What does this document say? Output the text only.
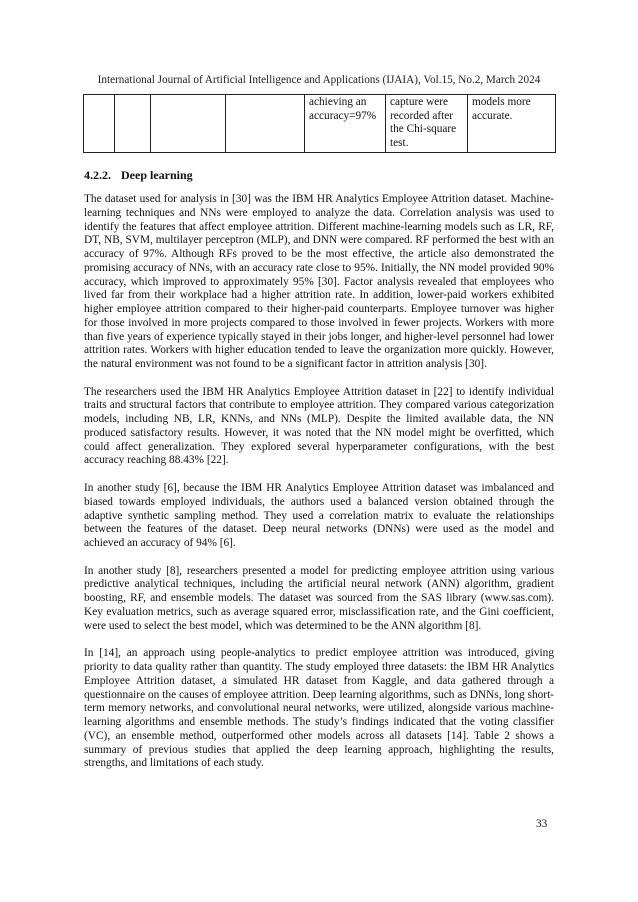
International Journal of Artificial Intelligence and Applications (IJAIA), Vol.15, No.2, March 2024
				achieving an accuracy=97%	capture were recorded after the Chi-square test.	models more accurate.
4.2.2. Deep learning

The dataset used for analysis in [30] was the IBM HR Analytics Employee Attrition dataset. Machine-learning techniques and NNs were employed to analyze the data. Correlation analysis was used to identify the features that affect employee attrition. Different machine-learning models such as LR, RF, DT, NB, SVM, multilayer perceptron (MLP), and DNN were compared. RF performed the best with an accuracy of 97%. Although RFs proved to be the most effective, the article also demonstrated the promising accuracy of NNs, with an accuracy rate close to 95%. Initially, the NN model provided 90% accuracy, which improved to approximately 95% [30]. Factor analysis revealed that employees who lived far from their workplace had a higher attrition rate. In addition, lower-paid workers exhibited higher employee attrition compared to their higher-paid counterparts. Employee turnover was higher for those involved in more projects compared to those involved in fewer projects. Workers with more than five years of experience typically stayed in their jobs longer, and higher-level personnel had lower attrition rates. Workers with higher education tended to leave the organization more quickly. However, the natural environment was not found to be a significant factor in attrition analysis [30].

The researchers used the IBM HR Analytics Employee Attrition dataset in [22] to identify individual traits and structural factors that contribute to employee attrition. They compared various categorization models, including NB, LR, KNNs, and NNs (MLP). Despite the limited available data, the NN produced satisfactory results. However, it was noted that the NN model might be overfitted, which could affect generalization. They explored several hyperparameter configurations, with the best accuracy reaching 88.43% [22].

In another study [6], because the IBM HR Analytics Employee Attrition dataset was imbalanced and biased towards employed individuals, the authors used a balanced version obtained through the adaptive synthetic sampling method. They used a correlation matrix to evaluate the relationships between the features of the dataset. Deep neural networks (DNNs) were used as the model and achieved an accuracy of 94% [6].

In another study [8], researchers presented a model for predicting employee attrition using various predictive analytical techniques, including the artificial neural network (ANN) algorithm, gradient boosting, RF, and ensemble models. The dataset was sourced from the SAS library (www.sas.com). Key evaluation metrics, such as average squared error, misclassification rate, and the Gini coefficient, were used to select the best model, which was determined to be the ANN algorithm [8].

In [14], an approach using people-analytics to predict employee attrition was introduced, giving priority to data quality rather than quantity. The study employed three datasets: the IBM HR Analytics Employee Attrition dataset, a simulated HR dataset from Kaggle, and data gathered through a questionnaire on the causes of employee attrition. Deep learning algorithms, such as DNNs, long short-term memory networks, and convolutional neural networks, were utilized, alongside various machine-learning algorithms and ensemble methods. The study’s findings indicated that the voting classifier (VC), an ensemble method, outperformed other models across all datasets [14]. Table 2 shows a summary of previous studies that applied the deep learning approach, highlighting the results, strengths, and limitations of each study.

33
